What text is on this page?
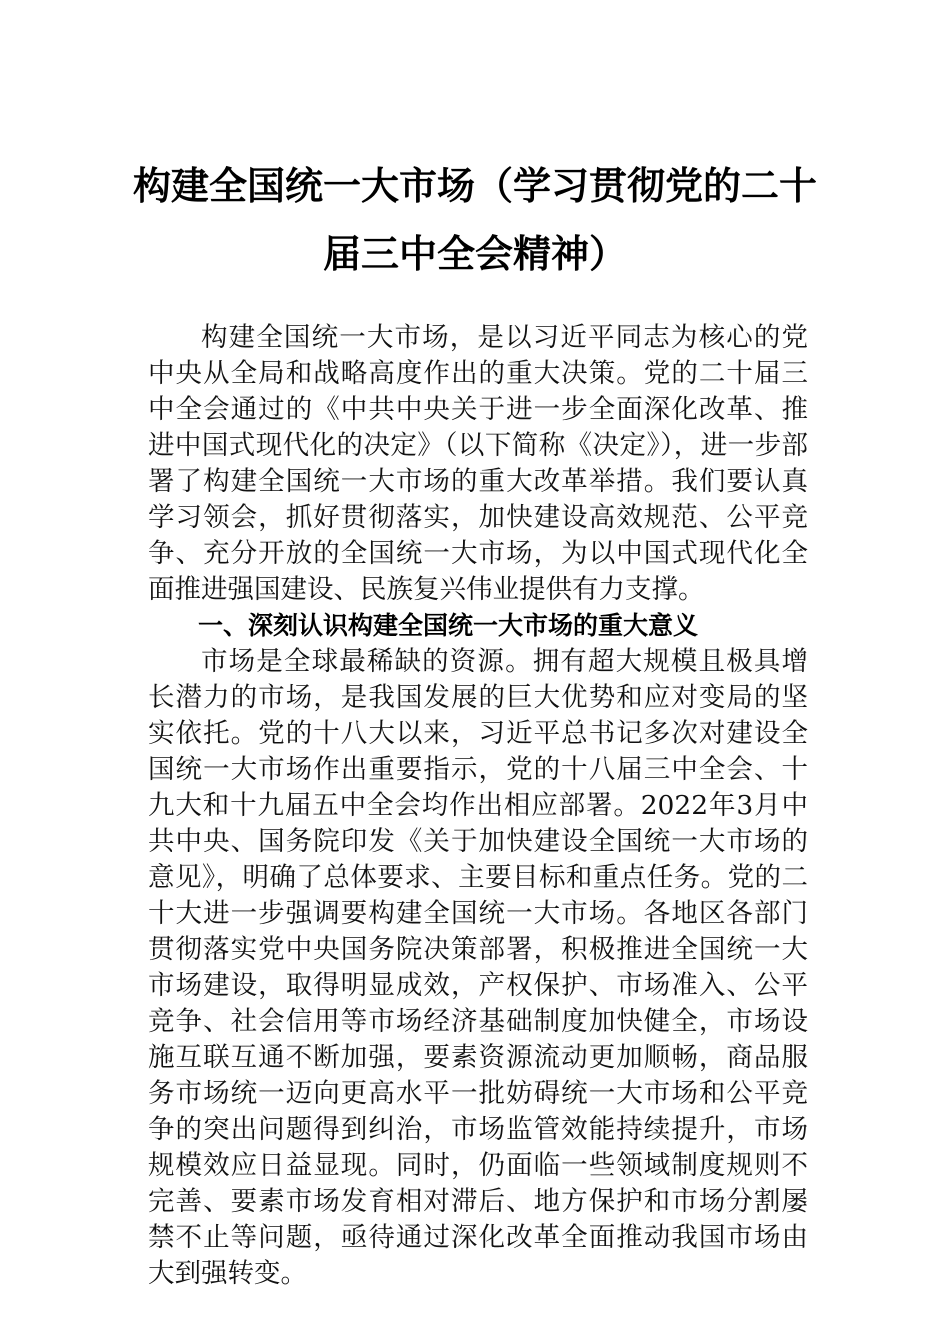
构建全国统一大市场（学习贯彻党的二十
届三中全会精神）

构建全国统一大市场，是以习近平同志为核心的党中央从全局和战略高度作出的重大决策。党的二十届三中全会通过的《中共中央关于进一步全面深化改革、推进中国式现代化的决定》（以下简称《决定》），进一步部署了构建全国统一大市场的重大改革举措。我们要认真学习领会，抓好贯彻落实，加快建设高效规范、公平竞争、充分开放的全国统一大市场，为以中国式现代化全面推进强国建设、民族复兴伟业提供有力支撑。

一、深刻认识构建全国统一大市场的重大意义

市场是全球最稀缺的资源。拥有超大规模且极具增长潜力的市场，是我国发展的巨大优势和应对变局的坚实依托。党的十八大以来，习近平总书记多次对建设全国统一大市场作出重要指示，党的十八届三中全会、十九大和十九届五中全会均作出相应部署。2022年3月中共中央、国务院印发《关于加快建设全国统一大市场的意见》，明确了总体要求、主要目标和重点任务。党的二十大进一步强调要构建全国统一大市场。各地区各部门贯彻落实党中央国务院决策部署，积极推进全国统一大市场建设，取得明显成效，产权保护、市场准入、公平竞争、社会信用等市场经济基础制度加快健全，市场设施互联互通不断加强，要素资源流动更加顺畅，商品服务市场统一迈向更高水平一批妨碍统一大市场和公平竞争的突出问题得到纠治，市场监管效能持续提升，市场规模效应日益显现。同时，仍面临一些领域制度规则不完善、要素市场发育相对滞后、地方保护和市场分割屡禁不止等问题，亟待通过深化改革全面推动我国市场由大到强转变。
